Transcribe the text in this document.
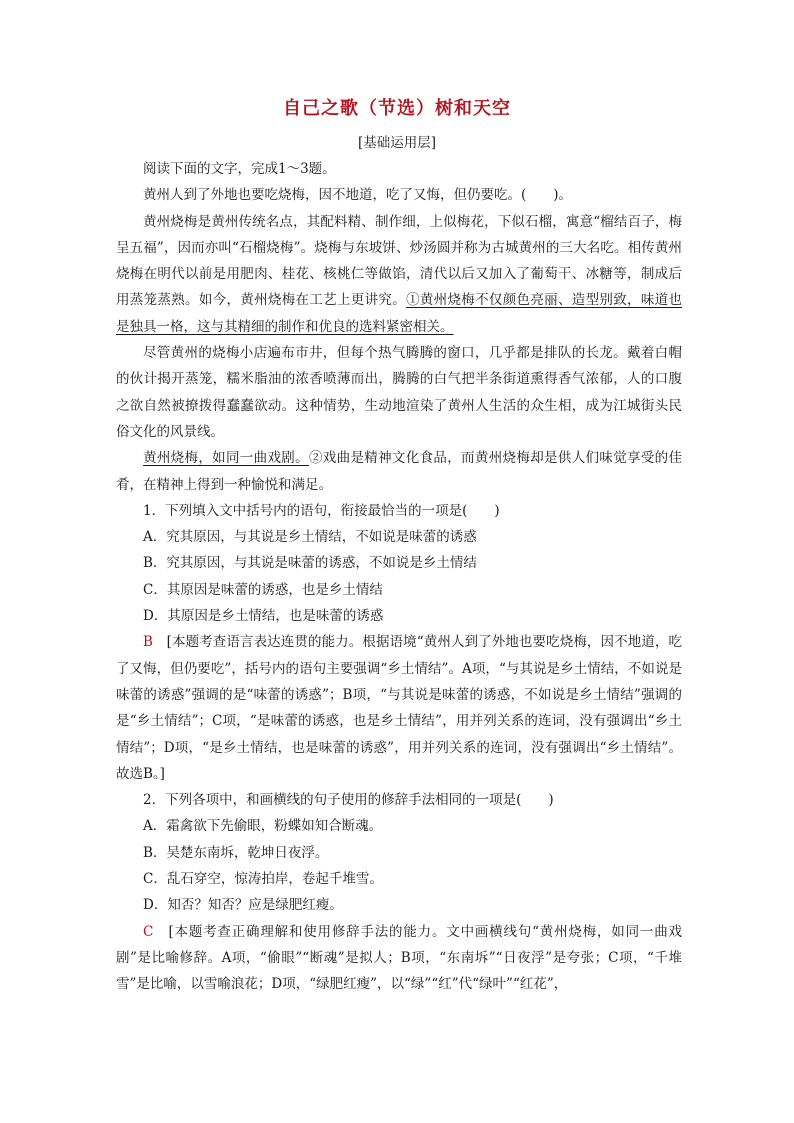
自己之歌（节选）树和天空
[基础运用层]

阅读下面的文字，完成1～3题。

黄州人到了外地也要吃烧梅，因不地道，吃了又悔，但仍要吃。(　　)。

黄州烧梅是黄州传统名点，其配料精、制作细，上似梅花，下似石榴，寓意“榴结百子，梅呈五福”，因而亦叫“石榴烧梅”。烧梅与东坡饼、炒汤圆并称为古城黄州的三大名吃。相传黄州烧梅在明代以前是用肥肉、桂花、核桃仁等做馅，清代以后又加入了葡萄干、冰糖等，制成后用蒸笼蒸熟。如今，黄州烧梅在工艺上更讲究。①黄州烧梅不仅颜色亮丽、造型别致，味道也是独具一格，这与其精细的制作和优良的选料紧密相关。

尽管黄州的烧梅小店遍布市井，但每个热气腾腾的窗口，几乎都是排队的长龙。戴着白帽的伙计揭开蒸笼，糯米脂油的浓香喷薄而出，腾腾的白气把半条街道熏得香气浓郁，人的口腹之欲自然被撩拨得蠢蠢欲动。这种情势，生动地渲染了黄州人生活的众生相，成为江城街头民俗文化的风景线。

黄州烧梅，如同一曲戏剧。②戏曲是精神文化食品，而黄州烧梅却是供人们味觉享受的佳肴，在精神上得到一种愉悦和满足。

1．下列填入文中括号内的语句，衔接最恰当的一项是(　　)

A．究其原因，与其说是乡土情结，不如说是味蕾的诱惑

B．究其原因，与其说是味蕾的诱惑，不如说是乡土情结

C．其原因是味蕾的诱惑，也是乡土情结

D．其原因是乡土情结，也是味蕾的诱惑

B　 [本题考查语言表达连贯的能力。根据语境“黄州人到了外地也要吃烧梅，因不地道，吃了又悔，但仍要吃”，括号内的语句主要强调“乡土情结”。A项，“与其说是乡土情结，不如说是味蕾的诱惑”强调的是“味蕾的诱惑”；B项，“与其说是味蕾的诱惑，不如说是乡土情结”强调的是“乡土情结”；C项，“是味蕾的诱惑，也是乡土情结”，用并列关系的连词，没有强调出“乡土情结”；D项，“是乡土情结，也是味蕾的诱惑”，用并列关系的连词，没有强调出“乡土情结”。故选B。]

2．下列各项中，和画横线的句子使用的修辞手法相同的一项是(　　)

A．霜禽欲下先偷眼，粉蝶如知合断魂。

B．吴楚东南坼，乾坤日夜浮。

C．乱石穿空，惊涛拍岸，卷起千堆雪。

D．知否？知否？应是绿肥红瘦。

C　 [本题考查正确理解和使用修辞手法的能力。文中画横线句“黄州烧梅，如同一曲戏剧”是比喻修辞。A项，“偷眼”“断魂”是拟人；B项，“东南坼”“日夜浮”是夸张；C项，“千堆雪”是比喻，以雪喻浪花；D项，“绿肥红瘦”，以“绿”“红”代“绿叶”“红花”，
